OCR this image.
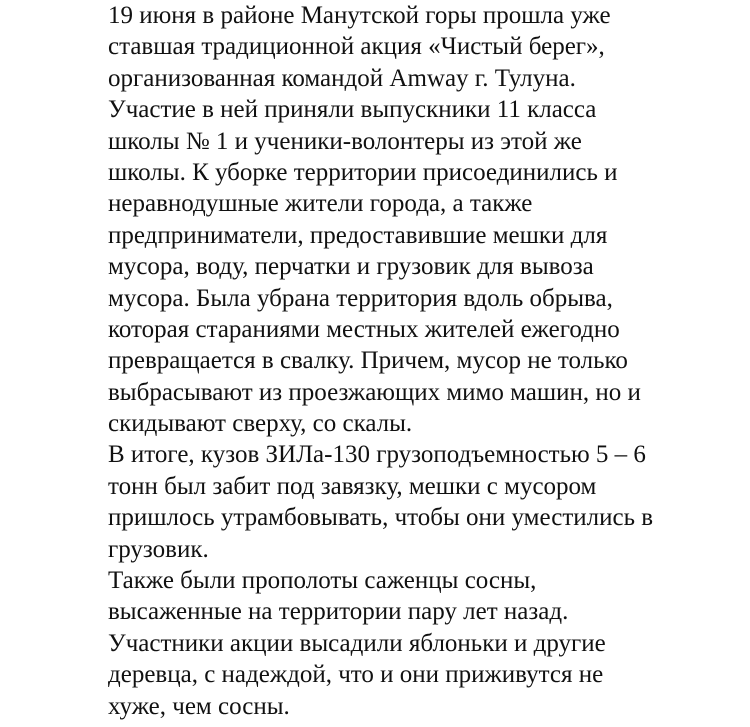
19 июня в районе Манутской горы прошла уже
ставшая традиционной акция «Чистый берег»,
организованная командой Amway г. Тулуна.
Участие в ней приняли выпускники 11 класса
школы № 1 и ученики-волонтеры из этой же
школы. К уборке территории присоединились и
неравнодушные жители города, а также
предприниматели, предоставившие мешки для
мусора, воду, перчатки и грузовик для вывоза
мусора. Была убрана территория вдоль обрыва,
которая стараниями местных жителей ежегодно
превращается в свалку. Причем, мусор не только
выбрасывают из проезжающих мимо машин, но и
скидывают сверху, со скалы.
В итоге, кузов ЗИЛа-130 грузоподъемностью 5 – 6
тонн был забит под завязку, мешки с мусором
пришлось утрамбовывать, чтобы они уместились в
грузовик.
Также были прополоты саженцы сосны,
высаженные на территории пару лет назад.
Участники акции высадили яблоньки и другие
деревца, с надеждой, что и они приживутся не
хуже, чем сосны.
